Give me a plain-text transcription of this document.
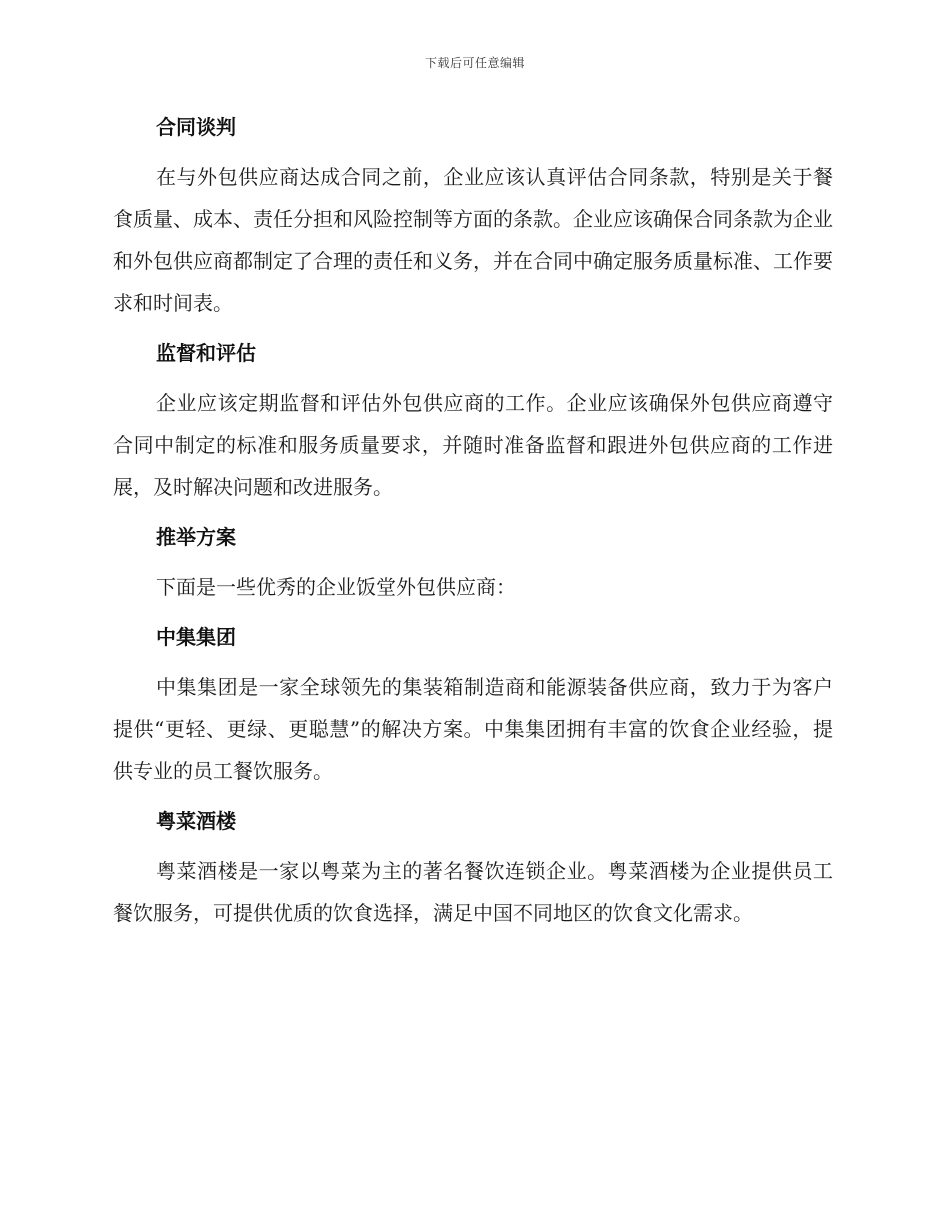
下载后可任意编辑
合同谈判

在与外包供应商达成合同之前，企业应该认真评估合同条款，特别是关于餐食质量、成本、责任分担和风险控制等方面的条款。企业应该确保合同条款为企业和外包供应商都制定了合理的责任和义务，并在合同中确定服务质量标准、工作要求和时间表。

监督和评估

企业应该定期监督和评估外包供应商的工作。企业应该确保外包供应商遵守合同中制定的标准和服务质量要求，并随时准备监督和跟进外包供应商的工作进展，及时解决问题和改进服务。

推举方案

下面是一些优秀的企业饭堂外包供应商：

中集集团

中集集团是一家全球领先的集装箱制造商和能源装备供应商，致力于为客户提供“更轻、更绿、更聪慧”的解决方案。中集集团拥有丰富的饮食企业经验，提供专业的员工餐饮服务。

粤菜酒楼

粤菜酒楼是一家以粤菜为主的著名餐饮连锁企业。粤菜酒楼为企业提供员工餐饮服务，可提供优质的饮食选择，满足中国不同地区的饮食文化需求。
